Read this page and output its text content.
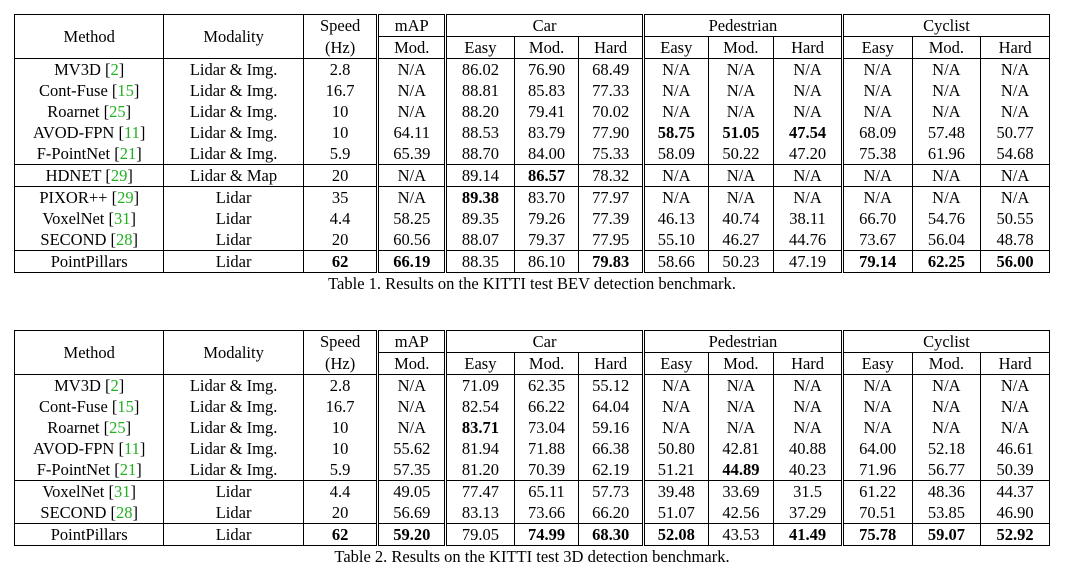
Method	Modality	Speed	mAP	Car			Pedestrian			Cyclist		
		(Hz)	Mod.	Easy	Mod.	Hard	Easy	Mod.	Hard	Easy	Mod.	Hard
MV3D [2]	Lidar & Img.	2.8	N/A	86.02	76.90	68.49	N/A	N/A	N/A	N/A	N/A	N/A
Cont-Fuse [15]	Lidar & Img.	16.7	N/A	88.81	85.83	77.33	N/A	N/A	N/A	N/A	N/A	N/A
Roarnet [25]	Lidar & Img.	10	N/A	88.20	79.41	70.02	N/A	N/A	N/A	N/A	N/A	N/A
AVOD-FPN [11]	Lidar & Img.	10	64.11	88.53	83.79	77.90	58.75	51.05	47.54	68.09	57.48	50.77
F-PointNet [21]	Lidar & Img.	5.9	65.39	88.70	84.00	75.33	58.09	50.22	47.20	75.38	61.96	54.68
HDNET [29]	Lidar & Map	20	N/A	89.14	86.57	78.32	N/A	N/A	N/A	N/A	N/A	N/A
PIXOR++ [29]	Lidar	35	N/A	89.38	83.70	77.97	N/A	N/A	N/A	N/A	N/A	N/A
VoxelNet [31]	Lidar	4.4	58.25	89.35	79.26	77.39	46.13	40.74	38.11	66.70	54.76	50.55
SECOND [28]	Lidar	20	60.56	88.07	79.37	77.95	55.10	46.27	44.76	73.67	56.04	48.78
PointPillars	Lidar	62	66.19	88.35	86.10	79.83	58.66	50.23	47.19	79.14	62.25	56.00
Table 1. Results on the KITTI test BEV detection benchmark.
Method	Modality	Speed	mAP	Car			Pedestrian			Cyclist		
		(Hz)	Mod.	Easy	Mod.	Hard	Easy	Mod.	Hard	Easy	Mod.	Hard
MV3D [2]	Lidar & Img.	2.8	N/A	71.09	62.35	55.12	N/A	N/A	N/A	N/A	N/A	N/A
Cont-Fuse [15]	Lidar & Img.	16.7	N/A	82.54	66.22	64.04	N/A	N/A	N/A	N/A	N/A	N/A
Roarnet [25]	Lidar & Img.	10	N/A	83.71	73.04	59.16	N/A	N/A	N/A	N/A	N/A	N/A
AVOD-FPN [11]	Lidar & Img.	10	55.62	81.94	71.88	66.38	50.80	42.81	40.88	64.00	52.18	46.61
F-PointNet [21]	Lidar & Img.	5.9	57.35	81.20	70.39	62.19	51.21	44.89	40.23	71.96	56.77	50.39
VoxelNet [31]	Lidar	4.4	49.05	77.47	65.11	57.73	39.48	33.69	31.5	61.22	48.36	44.37
SECOND [28]	Lidar	20	56.69	83.13	73.66	66.20	51.07	42.56	37.29	70.51	53.85	46.90
PointPillars	Lidar	62	59.20	79.05	74.99	68.30	52.08	43.53	41.49	75.78	59.07	52.92
Table 2. Results on the KITTI test 3D detection benchmark.
